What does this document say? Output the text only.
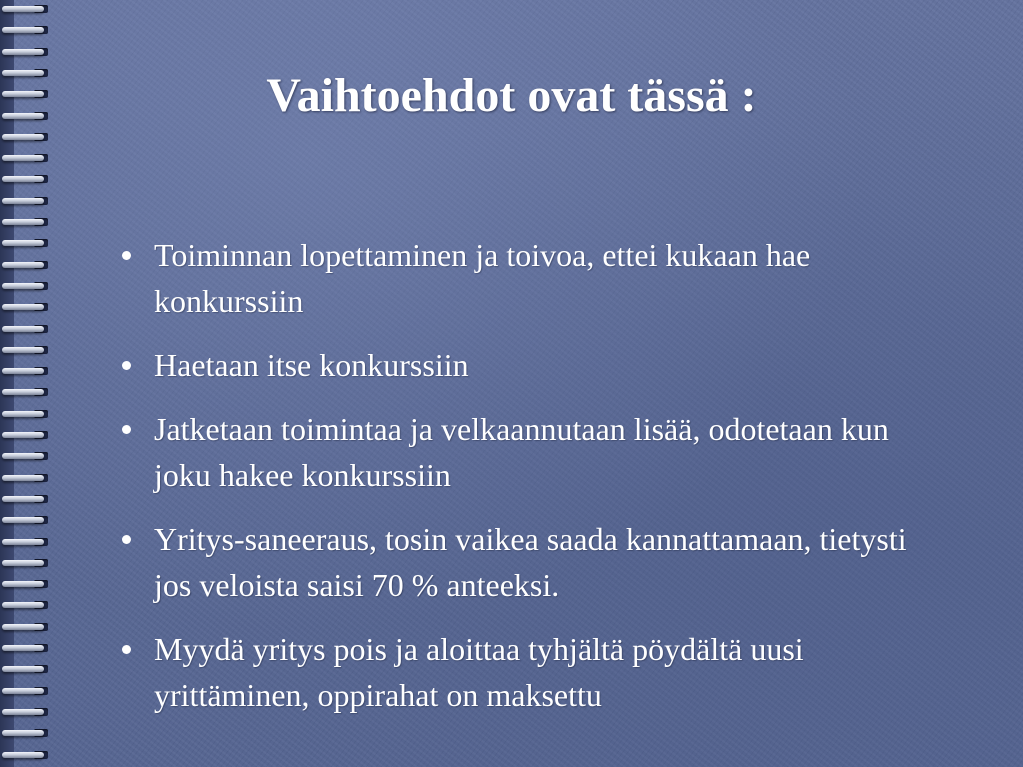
Vaihtoehdot ovat tässä :
Toiminnan lopettaminen ja toivoa, ettei kukaan hae konkurssiin
Haetaan itse konkurssiin
Jatketaan toimintaa ja velkaannutaan lisää, odotetaan kun joku hakee konkurssiin
Yritys-saneeraus, tosin vaikea saada kannattamaan, tietysti jos veloista saisi 70 % anteeksi.
Myydä yritys pois ja aloittaa tyhjältä pöydältä uusi yrittäminen, oppirahat on maksettu
